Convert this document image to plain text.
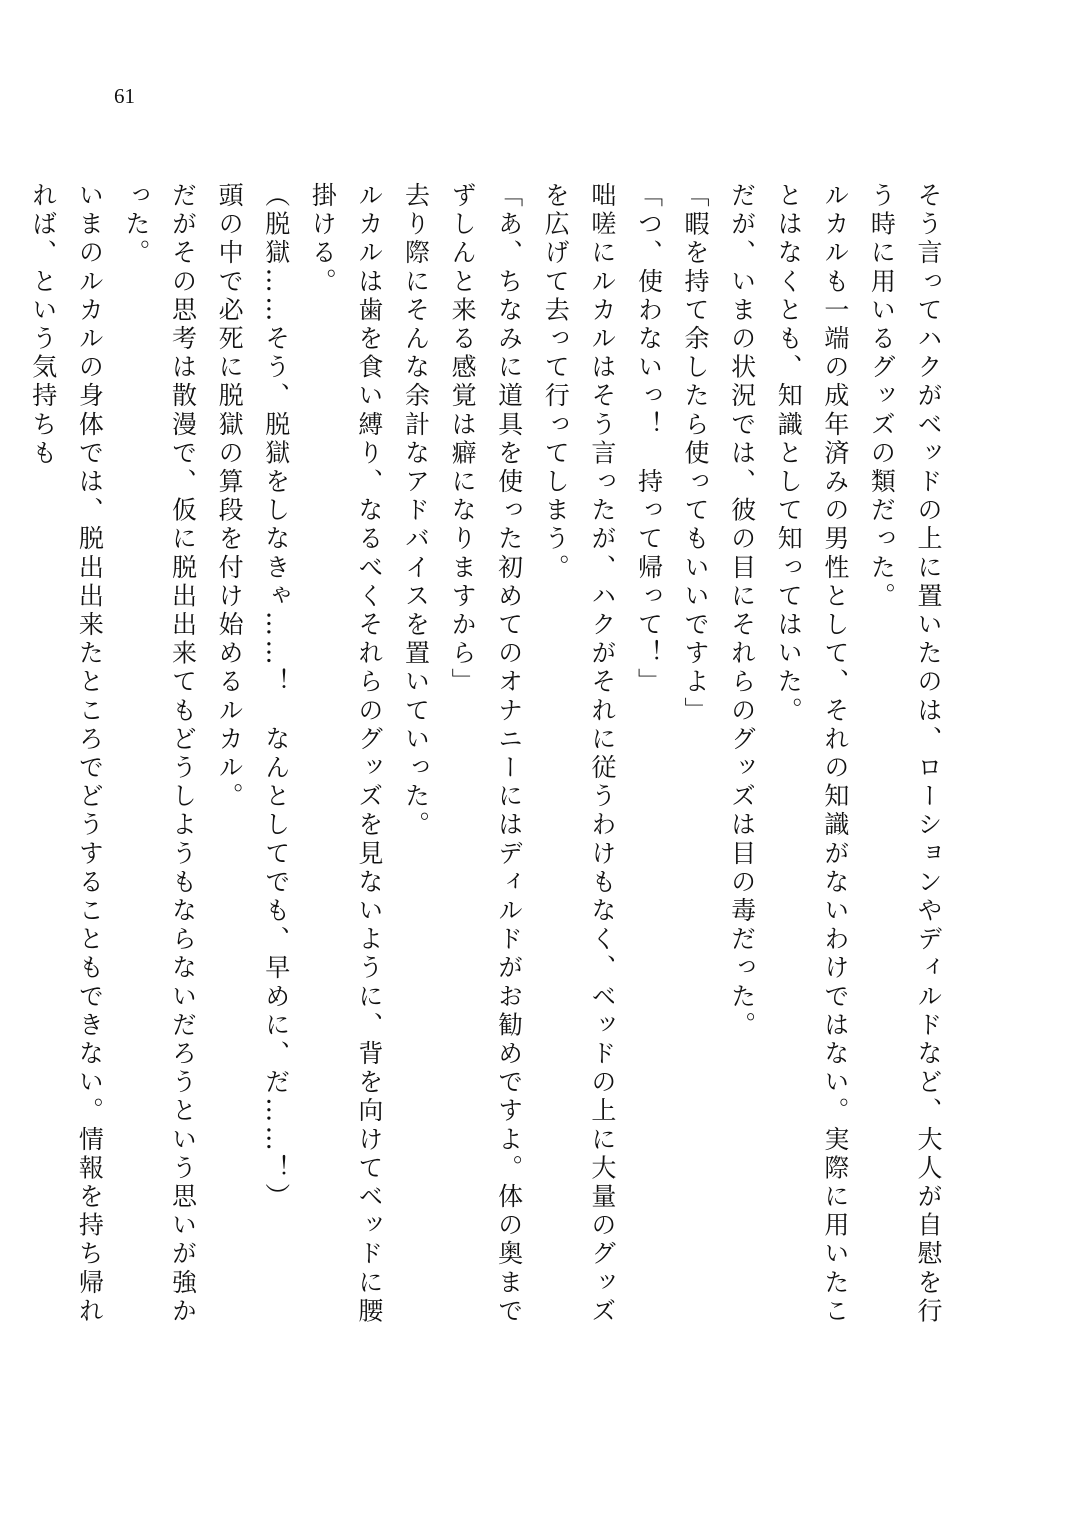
61

そう言ってハクがベッドの上に置いたのは、ローションやディルドなど、大人が自慰を行う時に用いるグッズの類だった。

ルカルも一端の成年済みの男性として、それの知識がないわけではない。実際に用いたことはなくとも、知識として知ってはいた。

だが、いまの状況では、彼の目にそれらのグッズは目の毒だった。

「暇を持て余したら使ってもいいですよ」

「つ、使わないっ！　持って帰って！」

咄嗟にルカルはそう言ったが、ハクがそれに従うわけもなく、ベッドの上に大量のグッズを広げて去って行ってしまう。

「あ、ちなみに道具を使った初めてのオナニーにはディルドがお勧めですよ。体の奥までずしんと来る感覚は癖になりますから」

去り際にそんな余計なアドバイスを置いていった。

ルカルは歯を食い縛り、なるべくそれらのグッズを見ないように、背を向けてベッドに腰掛ける。

（脱獄……そう、脱獄をしなきゃ……！　なんとしてでも、早めに、だ……！）

頭の中で必死に脱獄の算段を付け始めるルカル。

だがその思考は散漫で、仮に脱出出来てもどうしようもならないだろうという思いが強かった。

いまのルカルの身体では、脱出出来たところでどうすることもできない。情報を持ち帰れれば、という気持ちも
